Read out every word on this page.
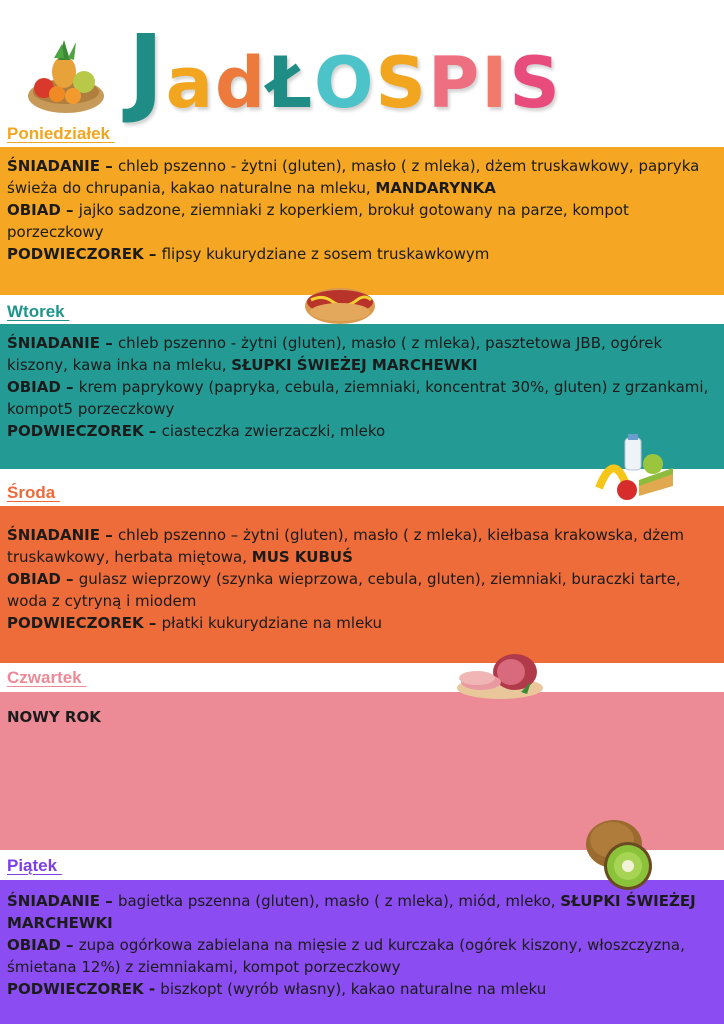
J a d Ł O S P I S
Poniedziałek

ŚNIADANIE – chleb pszenno - żytni (gluten), masło ( z mleka), dżem truskawkowy, papryka świeża do chrupania, kakao naturalne na mleku, MANDARYNKA

OBIAD – jajko sadzone, ziemniaki z koperkiem, brokuł gotowany na parze, kompot porzeczkowy

PODWIECZOREK – flipsy kukurydziane z sosem truskawkowym

Wtorek

ŚNIADANIE – chleb pszenno - żytni (gluten), masło ( z mleka), pasztetowa JBB, ogórek kiszony, kawa inka na mleku, SŁUPKI ŚWIEŻEJ MARCHEWKI

OBIAD – krem paprykowy (papryka, cebula, ziemniaki, koncentrat 30%, gluten) z grzankami, kompot5 porzeczkowy

PODWIECZOREK – ciasteczka zwierzaczki, mleko

Środa

ŚNIADANIE – chleb pszenno – żytni (gluten), masło ( z mleka), kiełbasa krakowska, dżem truskawkowy, herbata miętowa, MUS KUBUŚ

OBIAD – gulasz wieprzowy (szynka wieprzowa, cebula, gluten), ziemniaki, buraczki tarte, woda z cytryną i miodem

PODWIECZOREK – płatki kukurydziane na mleku

Czwartek

NOWY ROK

Piątek

ŚNIADANIE – bagietka pszenna (gluten), masło ( z mleka), miód, mleko, SŁUPKI ŚWIEŻEJ MARCHEWKI

OBIAD – zupa ogórkowa zabielana na mięsie z ud kurczaka (ogórek kiszony, włoszczyzna, śmietana 12%) z ziemniakami, kompot porzeczkowy

PODWIECZOREK - biszkopt (wyrób własny), kakao naturalne na mleku
